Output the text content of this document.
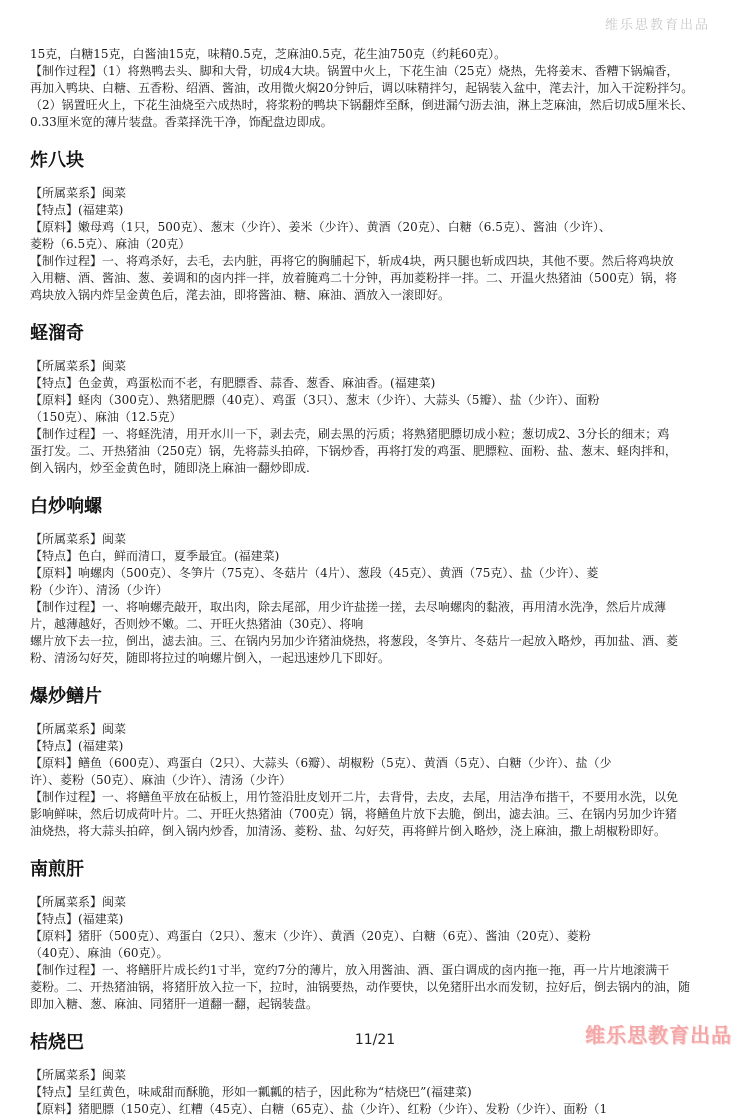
维乐思教育出品

15克，白糖15克，白酱油15克，味精0.5克，芝麻油0.5克，花生油750克（约耗60克）。

【制作过程】（1）将熟鸭去头、脚和大骨，切成4大块。锅置中火上，下花生油（25克）烧热，先将姜末、香糟下锅煸香，

再加入鸭块、白糖、五香粉、绍酒、酱油，改用微火焖20分钟后，调以味精拌匀，起锅装入盆中，滗去汁，加入干淀粉拌匀。

（2）锅置旺火上，下花生油烧至六成热时，将浆粉的鸭块下锅翻炸至酥，倒进漏勺沥去油，淋上芝麻油，然后切成5厘米长、

0.33厘米宽的薄片装盘。香菜择洗干净，饰配盘边即成。

炸八块

【所属菜系】闽菜

【特点】(福建菜)

【原料】嫩母鸡（1只，500克）、葱末（少许）、姜米（少许）、黄酒（20克）、白糖（6.5克）、酱油（少许）、

菱粉（6.5克）、麻油（20克）

【制作过程】一、将鸡杀好，去毛，去内脏，再将它的胸脯起下，斩成4块，两只腿也斩成四块，其他不要。然后将鸡块放

入用糖、酒、酱油、葱、姜调和的卤内拌一拌，放着腌鸡二十分钟，再加菱粉拌一拌。二、开温火热猪油（500克）锅，将

鸡块放入锅内炸呈金黄色后，滗去油，即将酱油、糖、麻油、酒放入一滚即好。

蛏溜奇

【所属菜系】闽菜

【特点】色金黄，鸡蛋松而不老，有肥膘香、蒜香、葱香、麻油香。(福建菜)

【原料】蛏肉（300克）、熟猪肥膘（40克）、鸡蛋（3只）、葱末（少许）、大蒜头（5瓣）、盐（少许）、面粉

（150克）、麻油（12.5克）

【制作过程】一、将蛏洗清，用开水川一下，剥去壳，刷去黑的污质；将熟猪肥膘切成小粒；葱切成2、3分长的细末；鸡

蛋打发。二、开热猪油（250克）锅，先将蒜头拍碎，下锅炒香，再将打发的鸡蛋、肥膘粒、面粉、盐、葱末、蛏肉拌和，

倒入锅内，炒至金黄色时，随即浇上麻油一翻炒即成.

白炒响螺

【所属菜系】闽菜

【特点】色白，鲜而清口，夏季最宜。(福建菜)

【原料】响螺肉（500克）、冬笋片（75克）、冬菇片（4片）、葱段（45克）、黄酒（75克）、盐（少许）、菱

粉（少许）、清汤（少许）

【制作过程】一、将响螺壳敲开，取出肉，除去尾部，用少许盐搓一搓，去尽响螺肉的黏液，再用清水洗净，然后片成薄

片，越薄越好，否则炒不嫩。二、开旺火热猪油（30克）、将响

螺片放下去一拉，倒出，滤去油。三、在锅内另加少许猪油烧热，将葱段，冬笋片、冬菇片一起放入略炒，再加盐、酒、菱

粉、清汤勾好芡，随即将拉过的响螺片倒入，一起迅速炒几下即好。

爆炒鳝片

【所属菜系】闽菜

【特点】(福建菜)

【原料】鳝鱼（600克）、鸡蛋白（2只）、大蒜头（6瓣）、胡椒粉（5克）、黄酒（5克）、白糖（少许）、盐（少

许）、菱粉（50克）、麻油（少许）、清汤（少许）

【制作过程】一、将鳝鱼平放在砧板上，用竹签沿肚皮划开二片，去背骨，去皮，去尾，用洁净布揩干，不要用水洗，以免

影响鲜味，然后切成荷叶片。二、开旺火热猪油（700克）锅，将鳝鱼片放下去脆，倒出，滤去油。三、在锅内另加少许猪

油烧热，将大蒜头拍碎，倒入锅内炒香，加清汤、菱粉、盐、勾好芡，再将鲜片倒入略炒，浇上麻油，撒上胡椒粉即好。

南煎肝

【所属菜系】闽菜

【特点】(福建菜)

【原料】猪肝（500克）、鸡蛋白（2只）、葱末（少许）、黄酒（20克）、白糖（6克）、酱油（20克）、菱粉

（40克）、麻油（60克）。

【制作过程】一、将鳝肝片成长约1寸半，宽约7分的薄片，放入用酱油、酒、蛋白调成的卤内拖一拖，再一片片地滚满干

菱粉。二、开热猪油锅，将猪肝放入拉一下，拉时，油锅要热，动作要快，以免猪肝出水而发韧，拉好后，倒去锅内的油，随

即加入糖、葱、麻油、同猪肝一道翻一翻，起锅装盘。

桔烧巴

【所属菜系】闽菜

【特点】呈红黄色，味咸甜而酥脆，形如一瓤瓤的桔子，因此称为“桔烧巴”(福建菜)

【原料】猪肥膘（150克）、红糟（45克）、白糖（65克）、盐（少许）、红粉（少许）、发粉（少许）、面粉（1

11/21	维乐思教育出品
